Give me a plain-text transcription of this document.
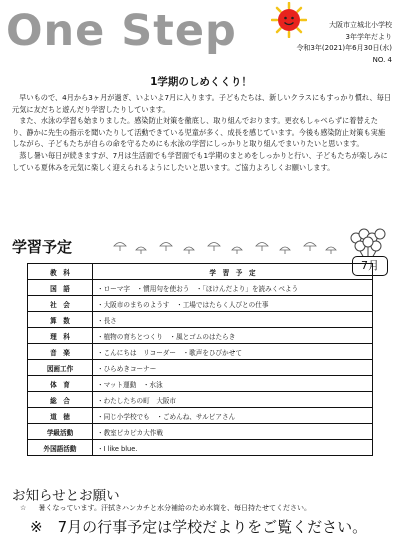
One Step	大阪市立城北小学校
3年学年だより
令和3年(2021)年6月30日(水)
NO. 4
1学期のしめくくり！

早いもので、4月から3ヶ月が過ぎ、いよいよ7月に入ります。子どもたちは、新しいクラスにもすっかり慣れ、毎日元気に友だちと遊んだり学習したりしています。

また、水泳の学習も始まりました。感染防止対策を徹底し、取り組んでおります。更衣もしゃべらずに着替えたり、静かに先生の指示を聞いたりして活動できている児童が多く、成長を感じています。今後も感染防止対策も実施しながら、子どもたちが自らの命を守るためにも水泳の学習にしっかりと取り組んでまいりたいと思います。

蒸し暑い毎日が続きますが、7月は生活面でも学習面でも1学期のまとめをしっかりと行い、子どもたちが楽しみにしている夏休みを元気に楽しく迎えられるようにしたいと思います。ご協力よろしくお願いします。

学習予定
7月
教　科	学　習　予　定
国　語	・ローマ字　・慣用句を使おう　・「ほけんだより」を読みくべよう
社　会	・大阪市のまちのようす　・工場ではたらく人びとの仕事
算　数	・長さ
理　科	・植物の育ちとつくり　・風とゴムのはたらき
音　楽	・こんにちは　リコーダー　・歌声をひびかせて
図画工作	・ひらめきコーナー
体　育	・マット運動　・水泳
総　合	・わたしたちの町　大阪市
道　徳	・同じ小学校でも　・ごめんね、サルビアさん
学級活動	・教室ピカピカ大作戦
外国語活動	・I like blue.
お知らせとお願い
☆ 暑くなっています。汗拭きハンカチと水分補給のため水筒を、毎日持たせてください。
※　7月の行事予定は学校だよりをご覧ください。
